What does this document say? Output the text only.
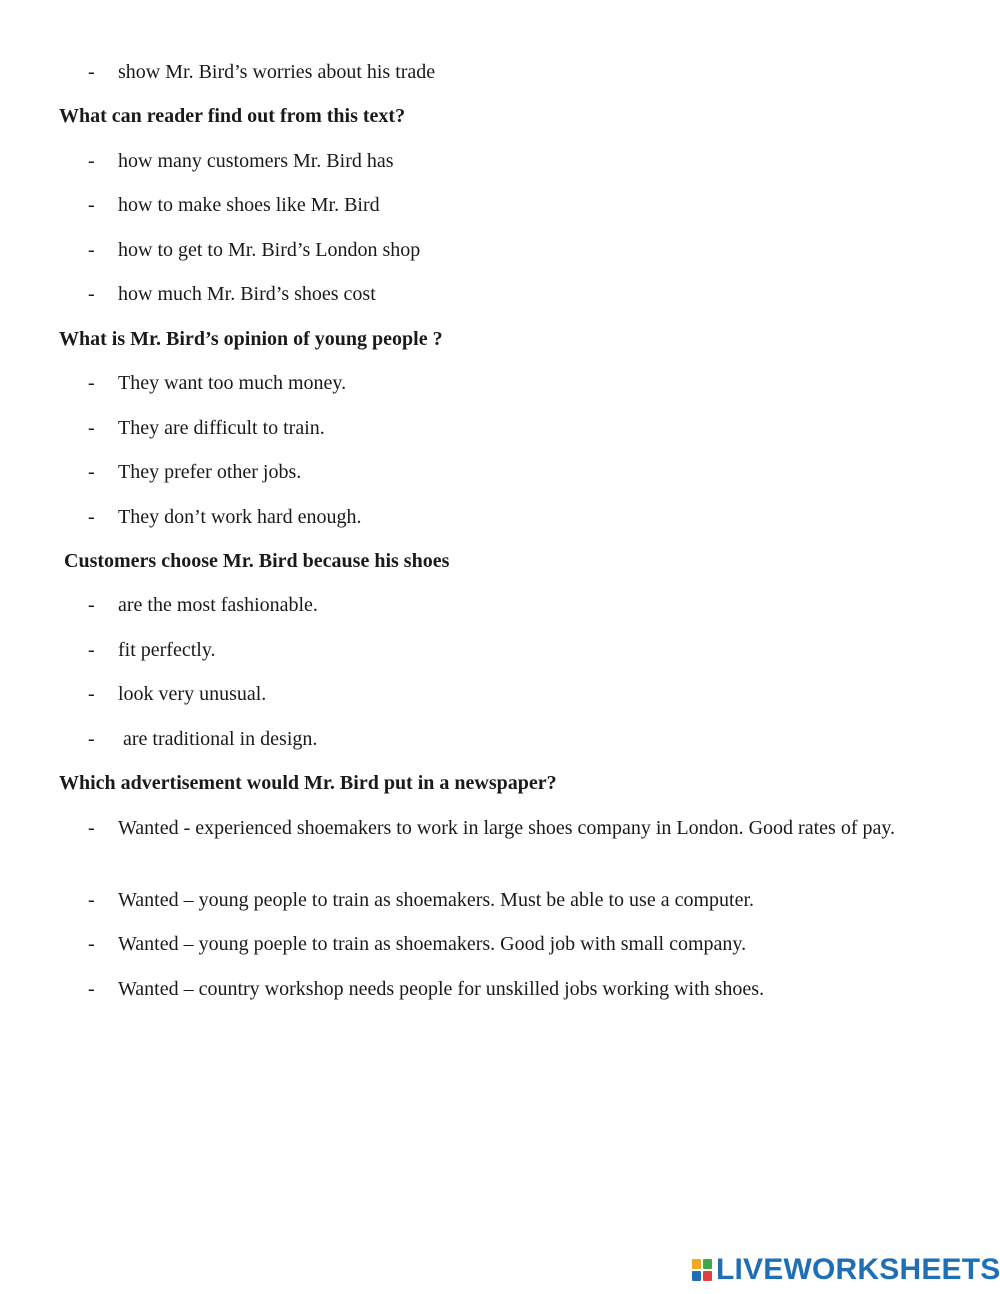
-	show Mr. Bird’s worries about his trade
What can reader find out from this text?
-	how many customers Mr. Bird has
-	how to make shoes like Mr. Bird
-	how to get to Mr. Bird’s London shop
-	how much Mr. Bird’s shoes cost
What is Mr. Bird’s opinion of young people ?
-	They want too much money.
-	They are difficult to train.
-	They prefer other jobs.
-	They don’t work hard enough.
Customers choose Mr. Bird because his shoes
-	are the most fashionable.
-	fit perfectly.
-	look very unusual.
-	are traditional in design.
Which advertisement would Mr. Bird put in a newspaper?
-	Wanted - experienced shoemakers to work in large shoes company in London. Good rates of pay.
-	Wanted – young people to train as shoemakers. Must be able to use a computer.
-	Wanted – young poeple to train as shoemakers. Good job with small company.
-	Wanted – country workshop needs people for unskilled jobs working with shoes.
LIVEWORKSHEETS
